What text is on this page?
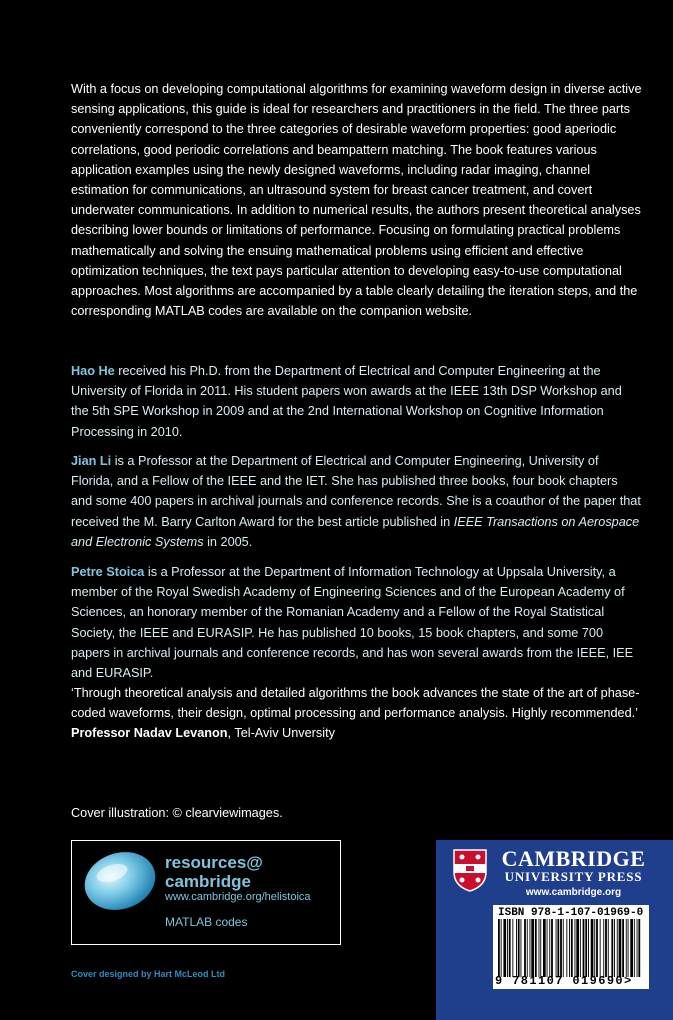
With a focus on developing computational algorithms for examining waveform design in diverse active sensing applications, this guide is ideal for researchers and practitioners in the field. The three parts conveniently correspond to the three categories of desirable waveform properties: good aperiodic correlations, good periodic correlations and beampattern matching. The book features various application examples using the newly designed waveforms, including radar imaging, channel estimation for communications, an ultrasound system for breast cancer treatment, and covert underwater communications. In addition to numerical results, the authors present theoretical analyses describing lower bounds or limitations of performance. Focusing on formulating practical problems mathematically and solving the ensuing mathematical problems using efficient and effective optimization techniques, the text pays particular attention to developing easy-to-use computational approaches. Most algorithms are accompanied by a table clearly detailing the iteration steps, and the corresponding MATLAB codes are available on the companion website.

Hao He received his Ph.D. from the Department of Electrical and Computer Engineering at the University of Florida in 2011. His student papers won awards at the IEEE 13th DSP Workshop and the 5th SPE Workshop in 2009 and at the 2nd International Workshop on Cognitive Information Processing in 2010.

Jian Li is a Professor at the Department of Electrical and Computer Engineering, University of Florida, and a Fellow of the IEEE and the IET. She has published three books, four book chapters and some 400 papers in archival journals and conference records. She is a coauthor of the paper that received the M. Barry Carlton Award for the best article published in IEEE Transactions on Aerospace and Electronic Systems in 2005.

Petre Stoica is a Professor at the Department of Information Technology at Uppsala University, a member of the Royal Swedish Academy of Engineering Sciences and of the European Academy of Sciences, an honorary member of the Romanian Academy and a Fellow of the Royal Statistical Society, the IEEE and EURASIP. He has published 10 books, 15 book chapters, and some 700 papers in archival journals and conference records, and has won several awards from the IEEE, IEE and EURASIP.

‘Through theoretical analysis and detailed algorithms the book advances the state of the art of phase-coded waveforms, their design, optimal processing and performance analysis. Highly recommended.’
Professor Nadav Levanon, Tel-Aviv Unversity

Cover illustration: © clearviewimages.
resources@
cambridge
www.cambridge.org/helistoica
MATLAB codes
Cover designed by Hart McLeod Ltd
CAMBRIDGE
UNIVERSITY PRESS
www.cambridge.org
ISBN 978-1-107-01969-0
9 781107 019690>
